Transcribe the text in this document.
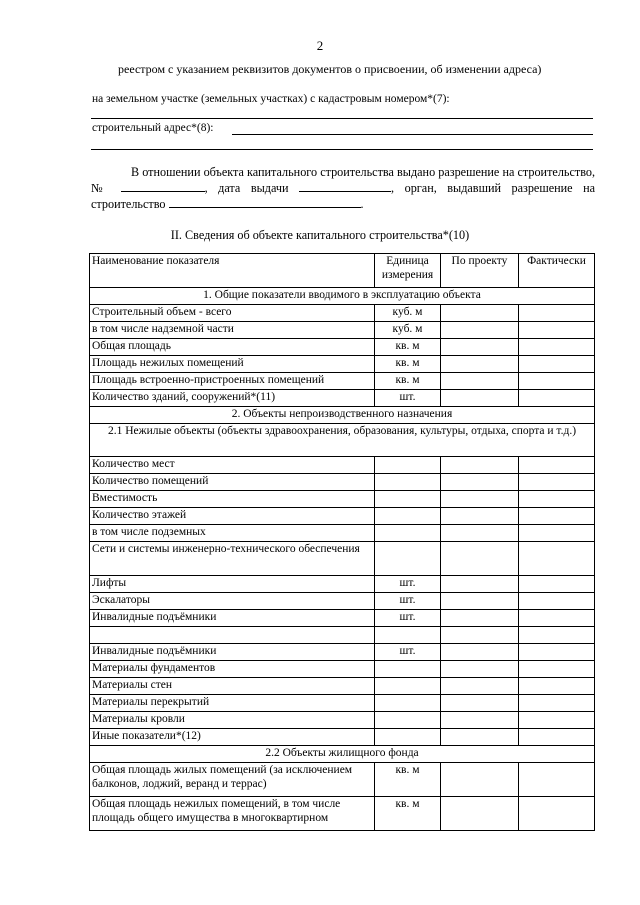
2
реестром с указанием реквизитов документов о присвоении, об изменении адреса)
на земельном участке (земельных участках) с кадастровым номером*(7):
строительный адрес*(8):
В отношении объекта капитального строительства выдано разрешение на строительство, №	, дата выдачи	, орган, выдавший разрешение на строительство	.
II. Сведения об объекте капитального строительства*(10)
Наименование показателя	Единица измерения	По проекту	Фактически
1. Общие показатели вводимого в эксплуатацию объекта			
Строительный объем - всего	куб. м		
в том числе надземной части	куб. м		
Общая площадь	кв. м		
Площадь нежилых помещений	кв. м		
Площадь встроенно-пристроенных помещений	кв. м		
Количество зданий, сооружений*(11)	шт.		
2. Объекты непроизводственного назначения			
2.1 Нежилые объекты (объекты здравоохранения, образования, культуры, отдыха, спорта и т.д.)			
Количество мест			
Количество помещений			
Вместимость			
Количество этажей			
в том числе подземных			
Сети и системы инженерно-технического обеспечения			
Лифты	шт.		
Эскалаторы	шт.		
Инвалидные подъёмники	шт.		

Инвалидные подъёмники	шт.		
Материалы фундаментов			
Материалы стен			
Материалы перекрытий			
Материалы кровли			
Иные показатели*(12)			
2.2 Объекты жилищного фонда			
Общая площадь жилых помещений (за исключением балконов, лоджий, веранд и террас)	кв. м		
Общая площадь нежилых помещений, в том числе площадь общего имущества в многоквартирном	кв. м		
